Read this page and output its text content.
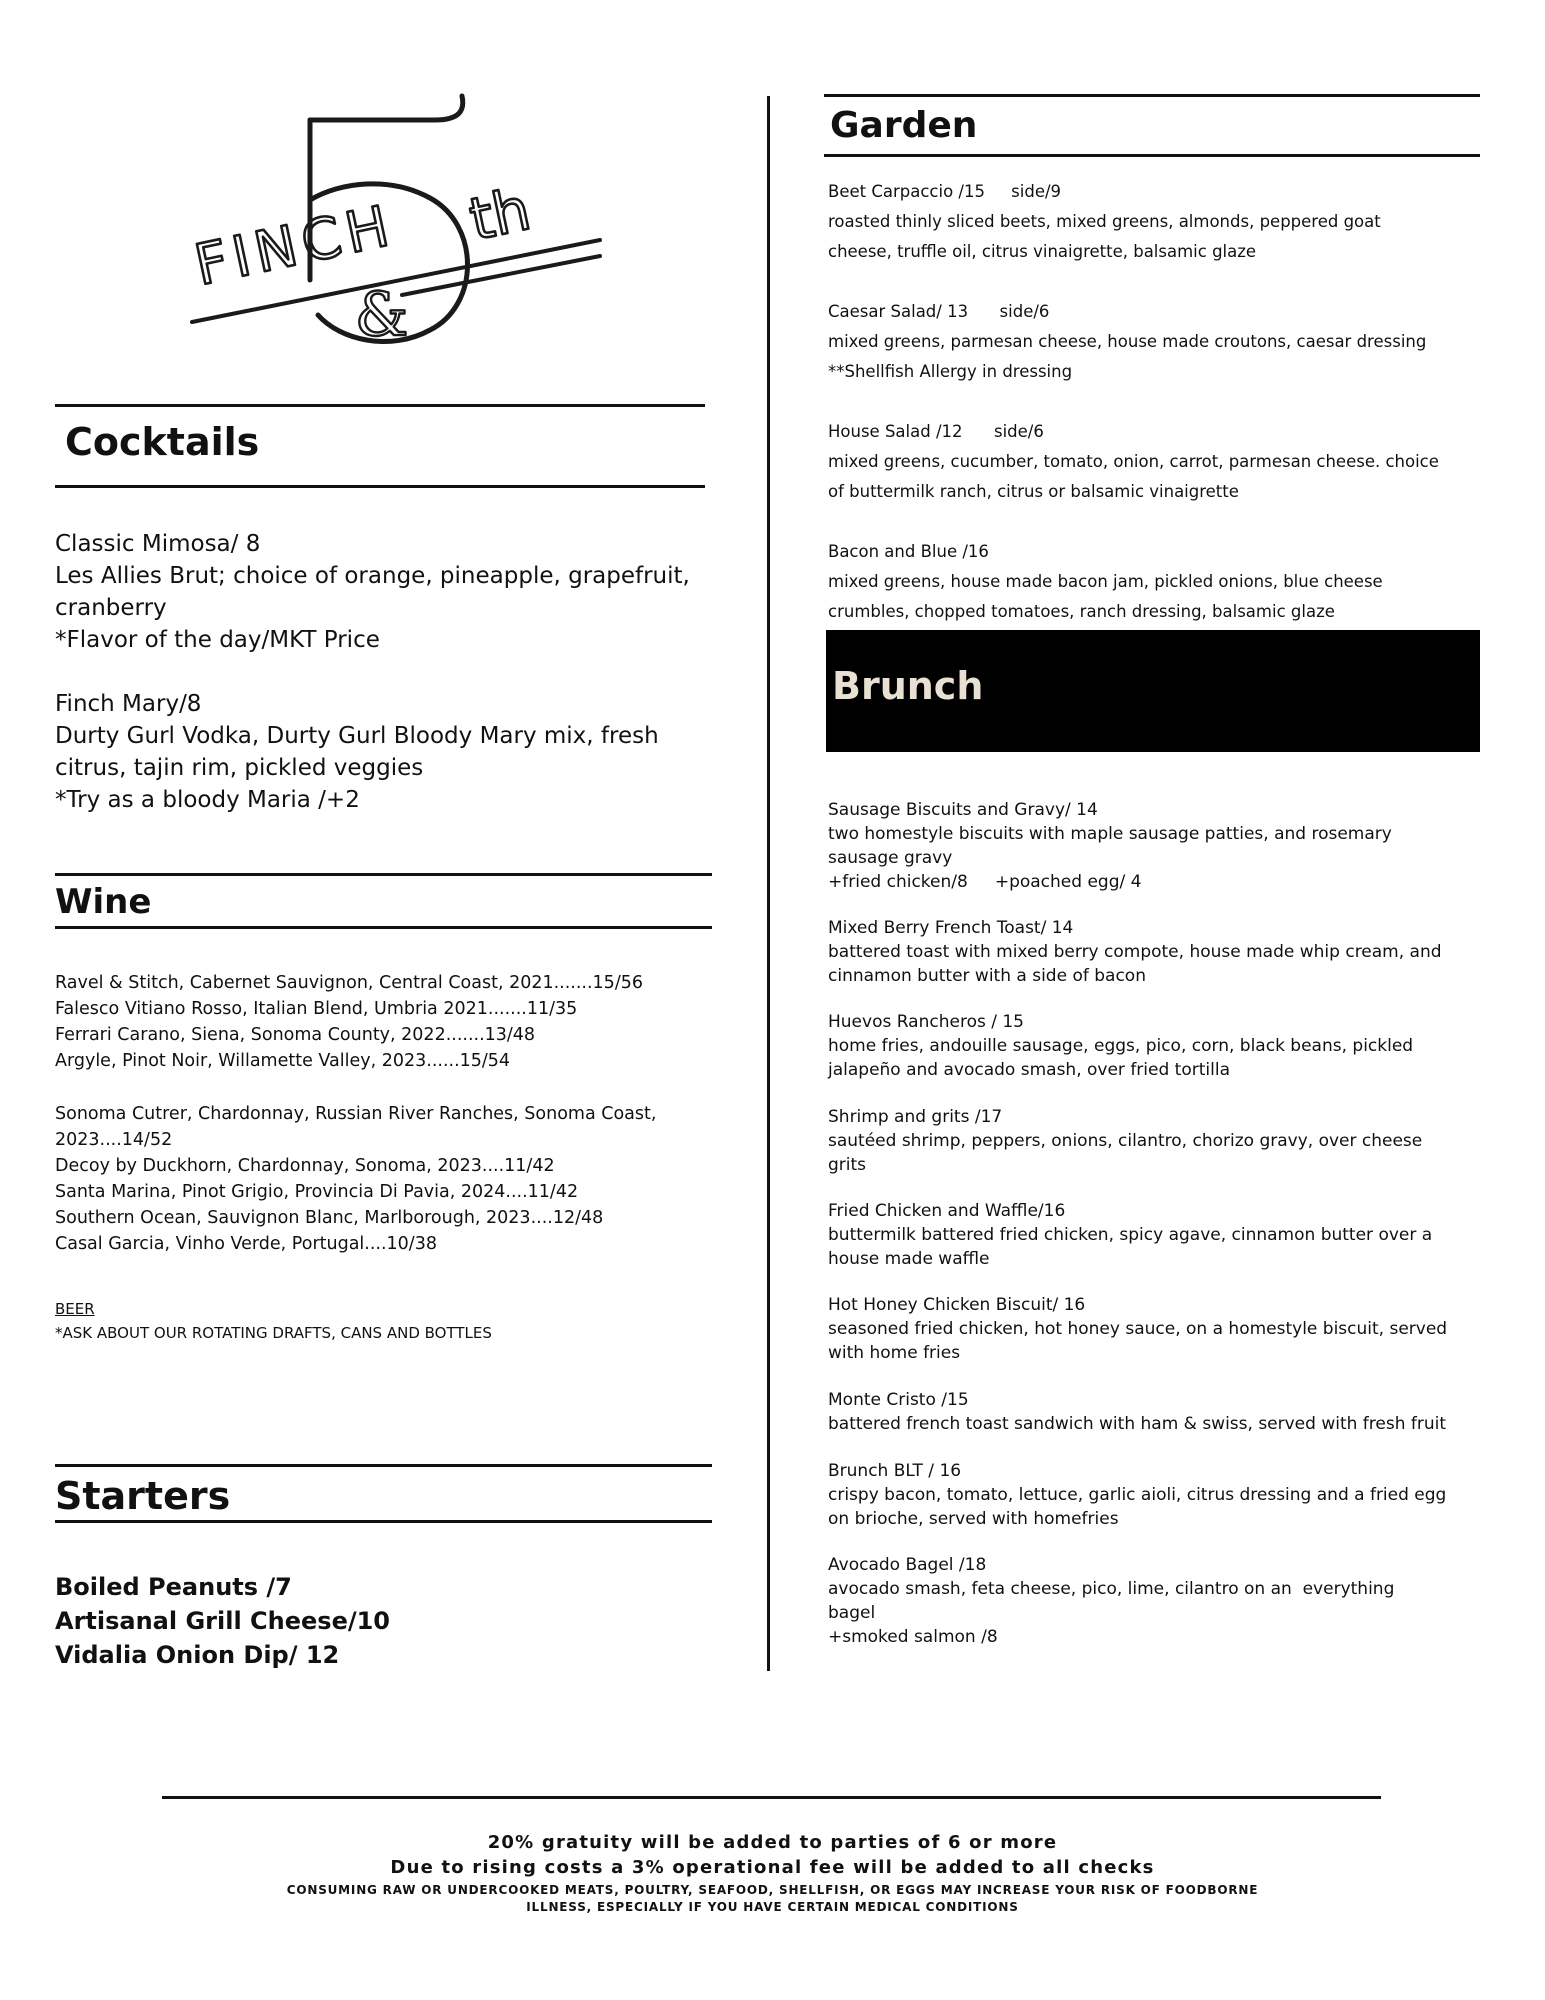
FINCH th
&
Cocktails
Classic Mimosa/ 8
Les Allies Brut; choice of orange, pineapple, grapefruit,
cranberry
*Flavor of the day/MKT Price
Finch Mary/8
Durty Gurl Vodka, Durty Gurl Bloody Mary mix, fresh
citrus, tajin rim, pickled veggies
*Try as a bloody Maria /+2
Wine
Ravel & Stitch, Cabernet Sauvignon, Central Coast, 2021.......15/56
Falesco Vitiano Rosso, Italian Blend, Umbria 2021.......11/35
Ferrari Carano, Siena, Sonoma County, 2022.......13/48
Argyle, Pinot Noir, Willamette Valley, 2023......15/54
Sonoma Cutrer, Chardonnay, Russian River Ranches, Sonoma Coast,
2023....14/52
Decoy by Duckhorn, Chardonnay, Sonoma, 2023....11/42
Santa Marina, Pinot Grigio, Provincia Di Pavia, 2024....11/42
Southern Ocean, Sauvignon Blanc, Marlborough, 2023....12/48
Casal Garcia, Vinho Verde, Portugal....10/38
BEER
*ASK ABOUT OUR ROTATING DRAFTS, CANS AND BOTTLES
Starters
Boiled Peanuts /7
Artisanal Grill Cheese/10
Vidalia Onion Dip/ 12
Garden
Beet Carpaccio /15     side/9
roasted thinly sliced beets, mixed greens, almonds, peppered goat
cheese, truffle oil, citrus vinaigrette, balsamic glaze
Caesar Salad/ 13      side/6
mixed greens, parmesan cheese, house made croutons, caesar dressing
**Shellfish Allergy in dressing
House Salad /12      side/6
mixed greens, cucumber, tomato, onion, carrot, parmesan cheese. choice
of buttermilk ranch, citrus or balsamic vinaigrette
Bacon and Blue /16
mixed greens, house made bacon jam, pickled onions, blue cheese
crumbles, chopped tomatoes, ranch dressing, balsamic glaze
Brunch
Sausage Biscuits and Gravy/ 14
two homestyle biscuits with maple sausage patties, and rosemary
sausage gravy
+fried chicken/8     +poached egg/ 4
Mixed Berry French Toast/ 14
battered toast with mixed berry compote, house made whip cream, and
cinnamon butter with a side of bacon
Huevos Rancheros / 15
home fries, andouille sausage, eggs, pico, corn, black beans, pickled
jalapeño and avocado smash, over fried tortilla
Shrimp and grits /17
sautéed shrimp, peppers, onions, cilantro, chorizo gravy, over cheese
grits
Fried Chicken and Waffle/16
buttermilk battered fried chicken, spicy agave, cinnamon butter over a
house made waffle
Hot Honey Chicken Biscuit/ 16
seasoned fried chicken, hot honey sauce, on a homestyle biscuit, served
with home fries
Monte Cristo /15
battered french toast sandwich with ham & swiss, served with fresh fruit
Brunch BLT / 16
crispy bacon, tomato, lettuce, garlic aioli, citrus dressing and a fried egg
on brioche, served with homefries
Avocado Bagel /18
avocado smash, feta cheese, pico, lime, cilantro on an  everything
bagel
+smoked salmon /8
20% gratuity will be added to parties of 6 or more
Due to rising costs a 3% operational fee will be added to all checks
CONSUMING RAW OR UNDERCOOKED MEATS, POULTRY, SEAFOOD, SHELLFISH, OR EGGS MAY INCREASE YOUR RISK OF FOODBORNE
ILLNESS, ESPECIALLY IF YOU HAVE CERTAIN MEDICAL CONDITIONS
